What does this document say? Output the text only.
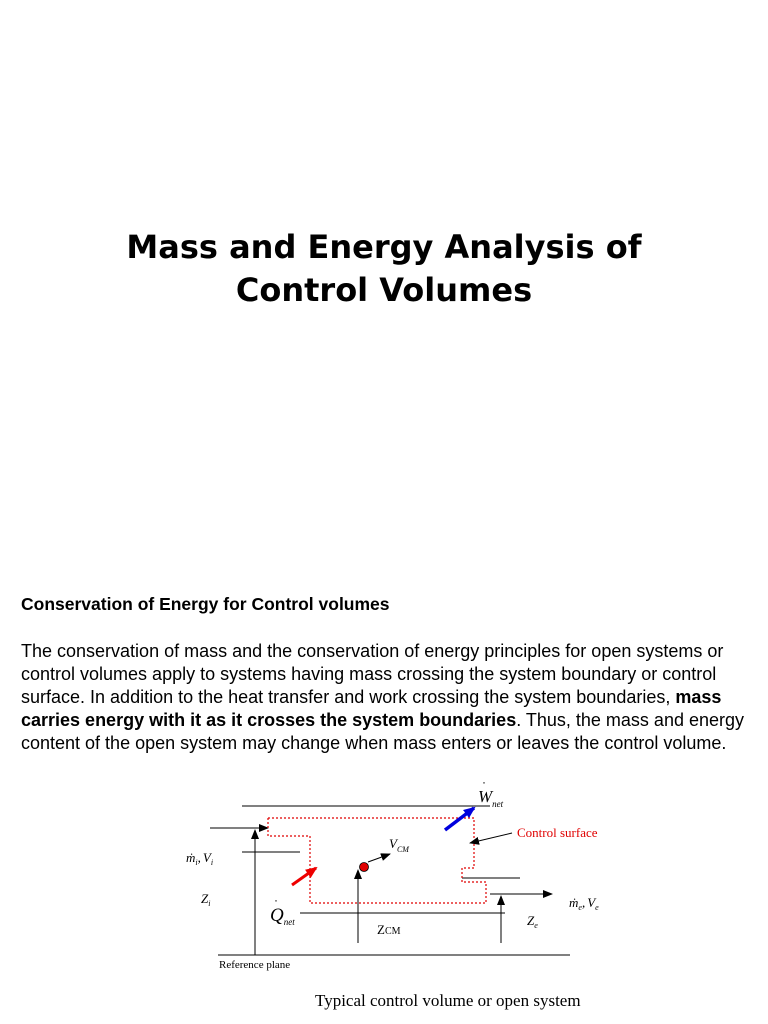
Mass and Energy Analysis of
Control Volumes
Conservation of Energy for Control volumes
The conservation of mass and the conservation of energy principles for open systems or control volumes apply to systems having mass crossing the system boundary or control surface. In addition to the heat transfer and work crossing the system boundaries, mass carries energy with it as it crosses the system boundaries. Thus, the mass and energy content of the open system may change when mass enters or leaves the control volume.
$W_{net}$
·
Control surface
$V_{CM}$
ṁ$_i$, $V_i$
ṁ$_e$, $V_e$
$Z_i$
$Q_{net}$
·
ZCM
$Z_e$
Reference plane
Typical control volume or open system
